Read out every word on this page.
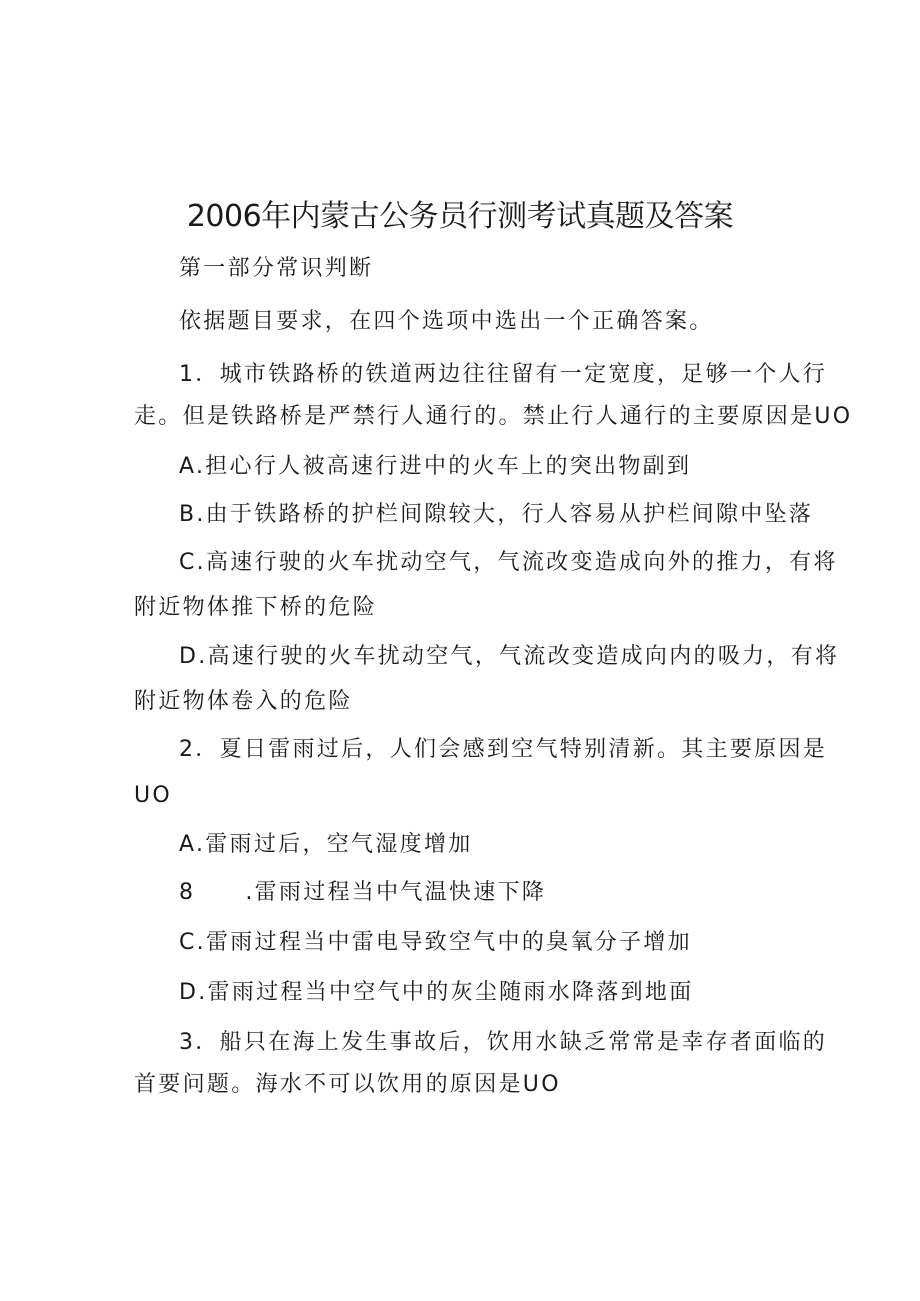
2006年内蒙古公务员行测考试真题及答案
第一部分常识判断
依据题目要求，在四个选项中选出一个正确答案。
1．城市铁路桥的铁道两边往往留有一定宽度，足够一个人行
走。但是铁路桥是严禁行人通行的。禁止行人通行的主要原因是UO
A.担心行人被高速行进中的火车上的突出物副到
B.由于铁路桥的护栏间隙较大，行人容易从护栏间隙中坠落
C.高速行驶的火车扰动空气，气流改变造成向外的推力，有将
附近物体推下桥的危险
D.高速行驶的火车扰动空气，气流改变造成向内的吸力，有将
附近物体卷入的危险
2．夏日雷雨过后，人们会感到空气特别清新。其主要原因是
UO
A.雷雨过后，空气湿度增加
8 .雷雨过程当中气温快速下降
C.雷雨过程当中雷电导致空气中的臭氧分子增加
D.雷雨过程当中空气中的灰尘随雨水降落到地面
3．船只在海上发生事故后，饮用水缺乏常常是幸存者面临的
首要问题。海水不可以饮用的原因是UO
